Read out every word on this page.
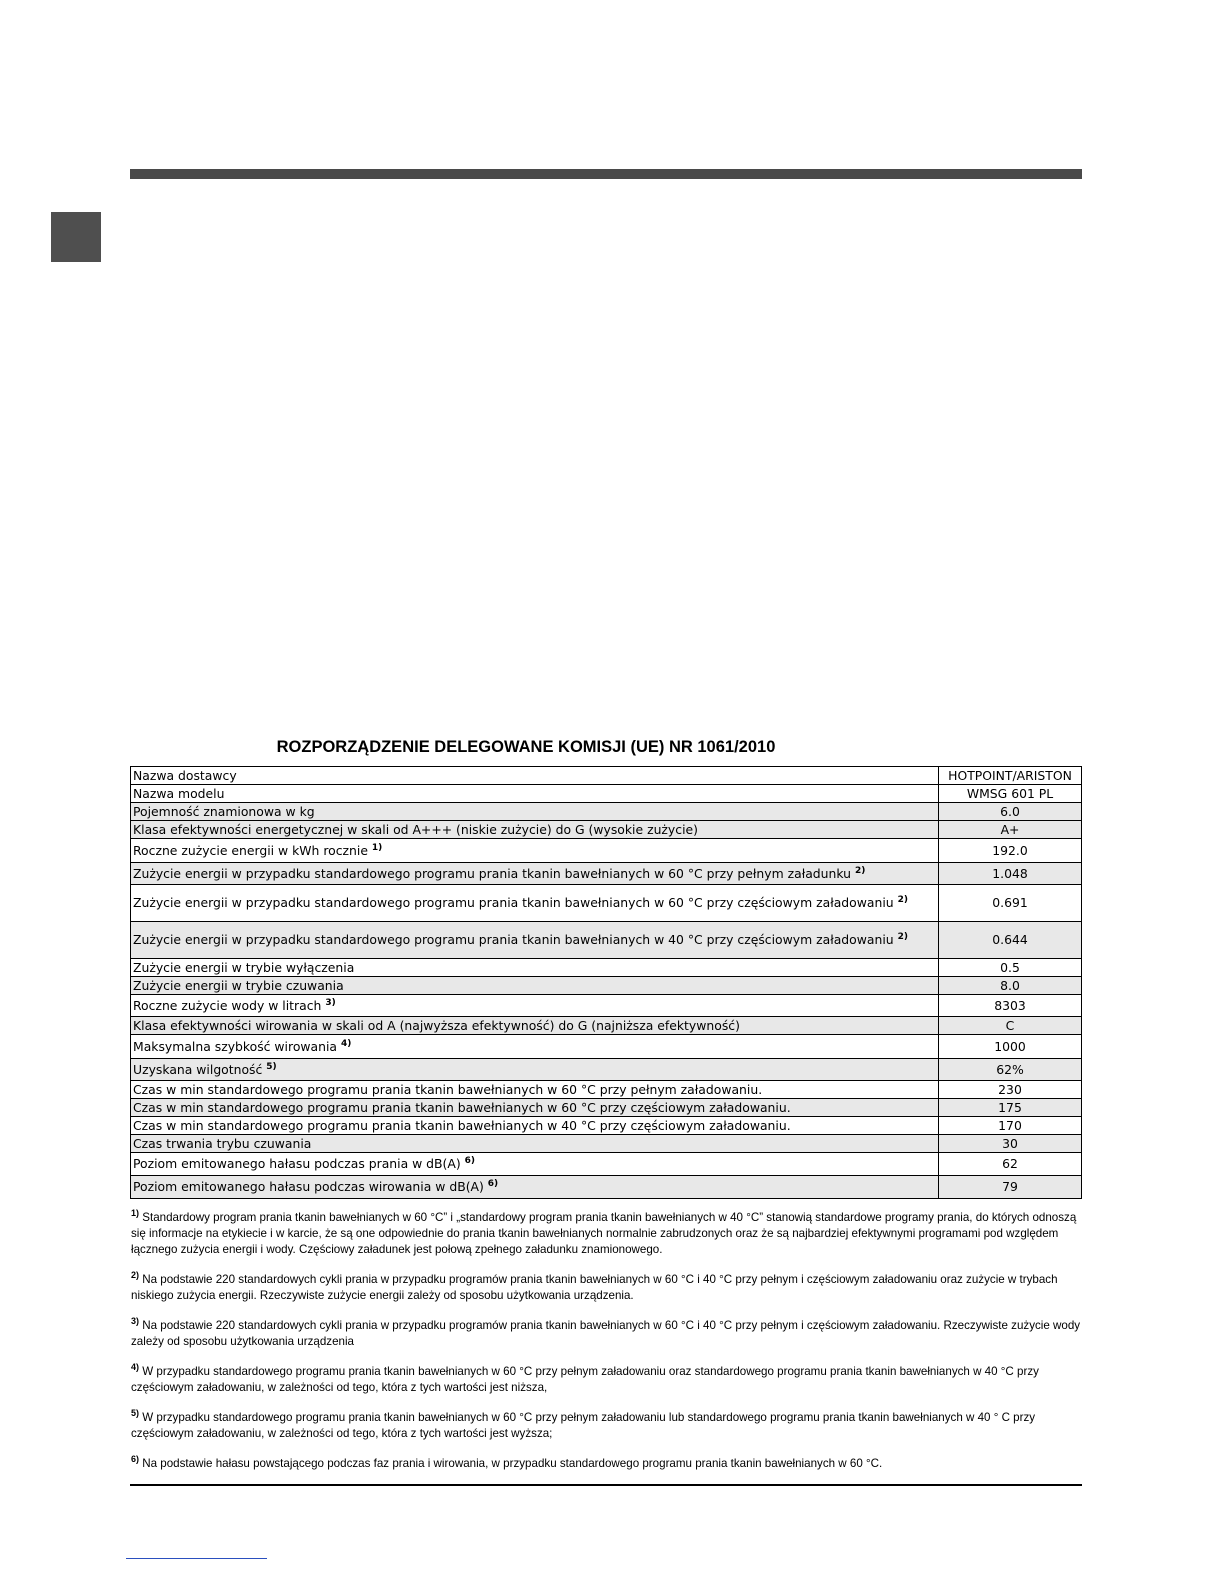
ROZPORZĄDZENIE DELEGOWANE KOMISJI (UE) NR 1061/2010
Nazwa dostawcy	HOTPOINT/ARISTON
Nazwa modelu	WMSG 601 PL
Pojemność znamionowa w kg	6.0
Klasa efektywności energetycznej w skali od A+++ (niskie zużycie) do G (wysokie zużycie)	A+
Roczne zużycie energii w kWh rocznie $^{1)}$	192.0
Zużycie energii w przypadku standardowego programu prania tkanin bawełnianych w 60 °C przy pełnym załadunku $^{2)}$	1.048
Zużycie energii w przypadku standardowego programu prania tkanin bawełnianych w 60 °C przy częściowym załadowaniu $^{2)}$	0.691
Zużycie energii w przypadku standardowego programu prania tkanin bawełnianych w 40 °C przy częściowym załadowaniu $^{2)}$	0.644
Zużycie energii w trybie wyłączenia	0.5
Zużycie energii w trybie czuwania	8.0
Roczne zużycie wody w litrach $^{3)}$	8303
Klasa efektywności wirowania w skali od A (najwyższa efektywność) do G (najniższa efektywność)	C
Maksymalna szybkość wirowania $^{4)}$	1000
Uzyskana wilgotność $^{5)}$	62%
Czas w min standardowego programu prania tkanin bawełnianych w 60 °C przy pełnym załadowaniu.	230
Czas w min standardowego programu prania tkanin bawełnianych w 60 °C przy częściowym załadowaniu.	175
Czas w min standardowego programu prania tkanin bawełnianych w 40 °C przy częściowym załadowaniu.	170
Czas trwania trybu czuwania	30
Poziom emitowanego hałasu podczas prania w dB(A) $^{6)}$	62
Poziom emitowanego hałasu podczas wirowania w dB(A) $^{6)}$	79

$^{1)}$ Standardowy program prania tkanin bawełnianych w 60 °C” i „standardowy program prania tkanin bawełnianych w 40 °C” stanowią standardowe programy prania, do których odnoszą się informacje na etykiecie i w karcie, że są one odpowiednie do prania tkanin bawełnianych normalnie zabrudzonych oraz że są najbardziej efektywnymi programami pod względem łącznego zużycia energii i wody. Częściowy załadunek jest połową zpełnego załadunku znamionowego.

$^{2)}$ Na podstawie 220 standardowych cykli prania w przypadku programów prania tkanin bawełnianych w 60 °C i 40 °C przy pełnym i częściowym załadowaniu oraz zużycie w trybach niskiego zużycia energii. Rzeczywiste zużycie energii zależy od sposobu użytkowania urządzenia.

$^{3)}$ Na podstawie 220 standardowych cykli prania w przypadku programów prania tkanin bawełnianych w 60 °C i 40 °C przy pełnym i częściowym załadowaniu. Rzeczywiste zużycie wody zależy od sposobu użytkowania urządzenia

$^{4)}$ W przypadku standardowego programu prania tkanin bawełnianych w 60 °C przy pełnym załadowaniu oraz standardowego programu prania tkanin bawełnianych w 40 °C przy częściowym załadowaniu, w zależności od tego, która z tych wartości jest niższa,

$^{5)}$ W przypadku standardowego programu prania tkanin bawełnianych w 60 °C przy pełnym załadowaniu lub standardowego programu prania tkanin bawełnianych w 40 ° C przy częściowym załadowaniu, w zależności od tego, która z tych wartości jest wyższa;

$^{6)}$ Na podstawie hałasu powstającego podczas faz prania i wirowania, w przypadku standardowego programu prania tkanin bawełnianych w 60 °C.
